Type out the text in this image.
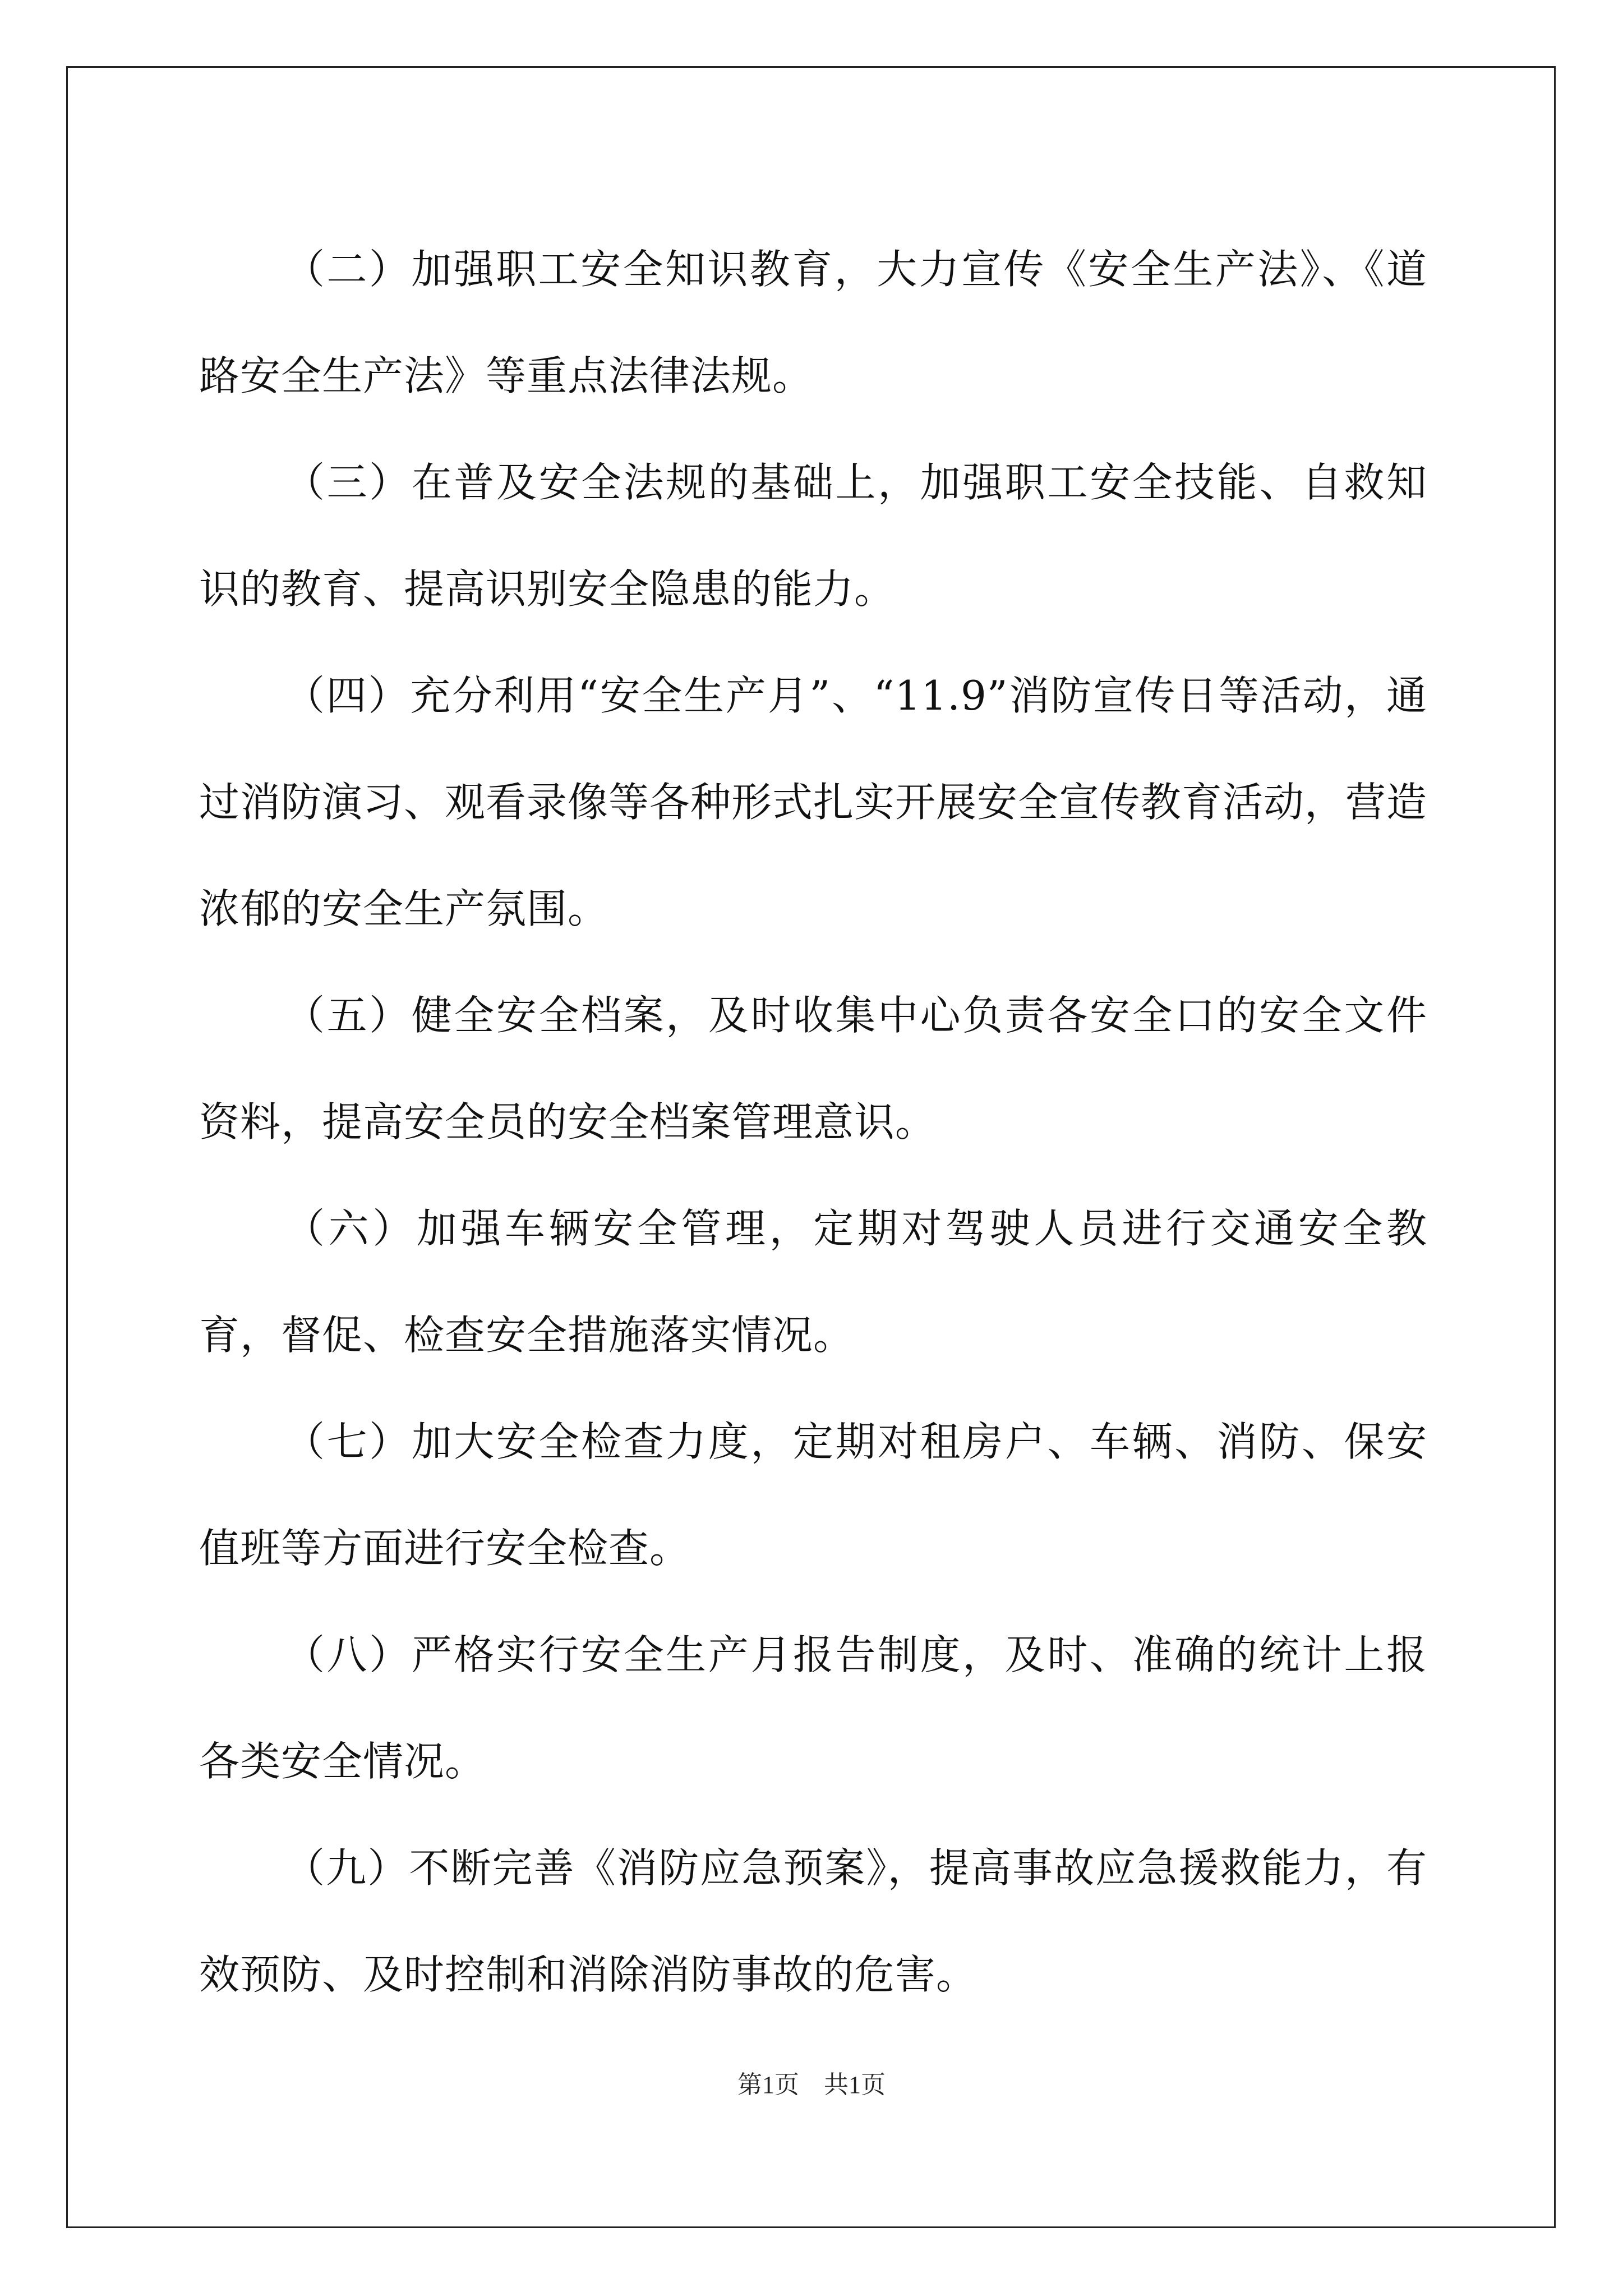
（二）加强职工安全知识教育，大力宣传《安全生产法》、《道路安全生产法》等重点法律法规。

（三）在普及安全法规的基础上，加强职工安全技能、自救知识的教育、提高识别安全隐患的能力。

（四）充分利用“安全生产月”、“11.9”消防宣传日等活动，通过消防演习、观看录像等各种形式扎实开展安全宣传教育活动，营造浓郁的安全生产氛围。

（五）健全安全档案，及时收集中心负责各安全口的安全文件资料，提高安全员的安全档案管理意识。

（六）加强车辆安全管理，定期对驾驶人员进行交通安全教育，督促、检查安全措施落实情况。

（七）加大安全检查力度，定期对租房户、车辆、消防、保安值班等方面进行安全检查。

（八）严格实行安全生产月报告制度，及时、准确的统计上报各类安全情况。

（九）不断完善《消防应急预案》，提高事故应急援救能力，有效预防、及时控制和消除消防事故的危害。

第1页　共1页
